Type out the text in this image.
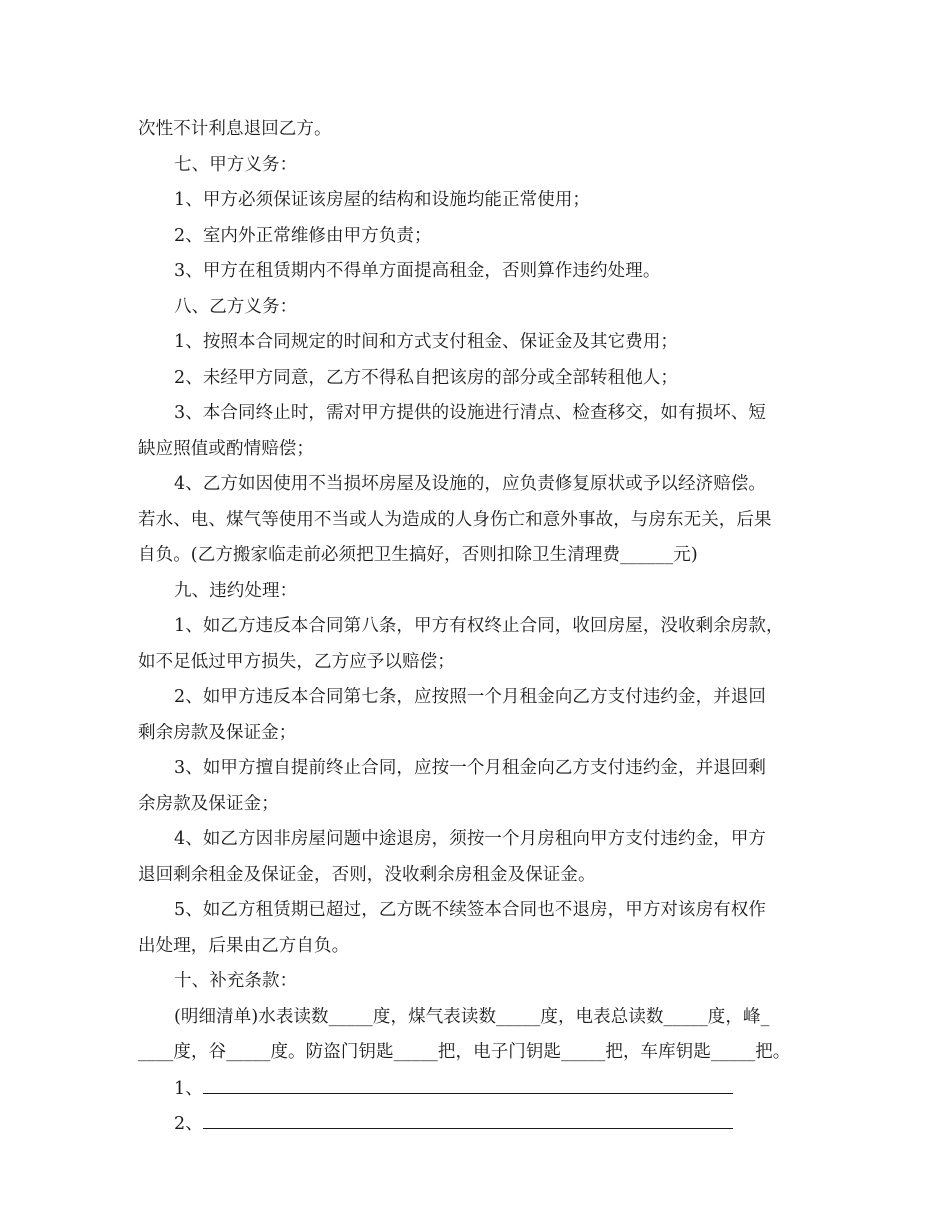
次性不计利息退回乙方。
七、甲方义务：
1、甲方必须保证该房屋的结构和设施均能正常使用；
2、室内外正常维修由甲方负责；
3、甲方在租赁期内不得单方面提高租金，否则算作违约处理。
八、乙方义务：
1、按照本合同规定的时间和方式支付租金、保证金及其它费用；
2、未经甲方同意，乙方不得私自把该房的部分或全部转租他人；
3、本合同终止时，需对甲方提供的设施进行清点、检查移交，如有损坏、短
缺应照值或酌情赔偿；
4、乙方如因使用不当损坏房屋及设施的，应负责修复原状或予以经济赔偿。
若水、电、煤气等使用不当或人为造成的人身伤亡和意外事故，与房东无关，后果
自负。(乙方搬家临走前必须把卫生搞好，否则扣除卫生清理费______元)
九、违约处理：
1、如乙方违反本合同第八条，甲方有权终止合同，收回房屋，没收剩余房款，
如不足低过甲方损失，乙方应予以赔偿；
2、如甲方违反本合同第七条，应按照一个月租金向乙方支付违约金，并退回
剩余房款及保证金；
3、如甲方擅自提前终止合同，应按一个月租金向乙方支付违约金，并退回剩
余房款及保证金；
4、如乙方因非房屋问题中途退房，须按一个月房租向甲方支付违约金，甲方
退回剩余租金及保证金，否则，没收剩余房租金及保证金。
5、如乙方租赁期已超过，乙方既不续签本合同也不退房，甲方对该房有权作
出处理，后果由乙方自负。
十、补充条款：
(明细清单)水表读数_____度，煤气表读数_____度，电表总读数_____度，峰_
____度，谷_____度。防盗门钥匙_____把，电子门钥匙_____把，车库钥匙_____把。
1、
2、
